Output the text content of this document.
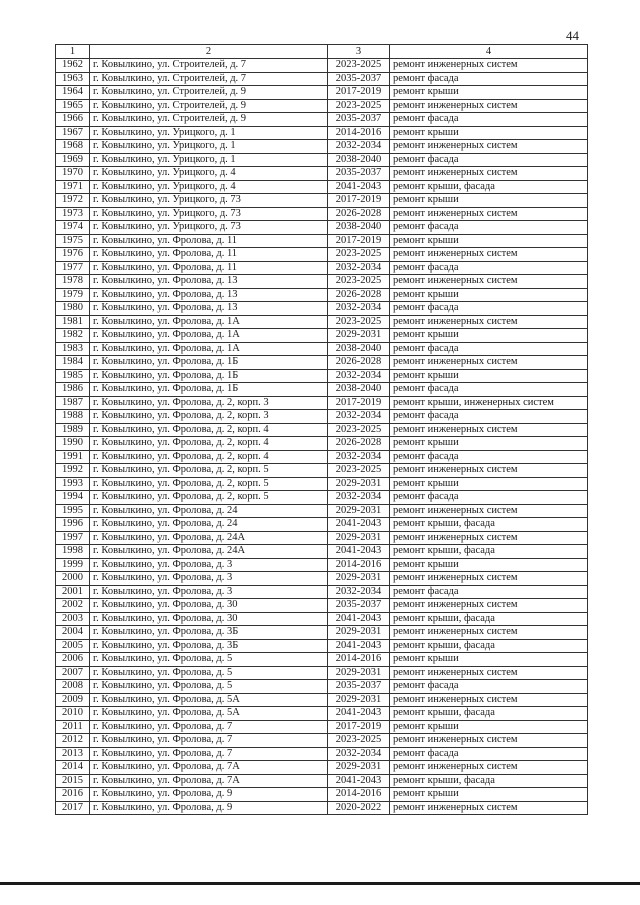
44
1	2	3	4
1962	г. Ковылкино, ул. Строителей, д. 7	2023-2025	ремонт инженерных систем
1963	г. Ковылкино, ул. Строителей, д. 7	2035-2037	ремонт фасада
1964	г. Ковылкино, ул. Строителей, д. 9	2017-2019	ремонт крыши
1965	г. Ковылкино, ул. Строителей, д. 9	2023-2025	ремонт инженерных систем
1966	г. Ковылкино, ул. Строителей, д. 9	2035-2037	ремонт фасада
1967	г. Ковылкино, ул. Урицкого, д. 1	2014-2016	ремонт крыши
1968	г. Ковылкино, ул. Урицкого, д. 1	2032-2034	ремонт инженерных систем
1969	г. Ковылкино, ул. Урицкого, д. 1	2038-2040	ремонт фасада
1970	г. Ковылкино, ул. Урицкого, д. 4	2035-2037	ремонт инженерных систем
1971	г. Ковылкино, ул. Урицкого, д. 4	2041-2043	ремонт крыши, фасада
1972	г. Ковылкино, ул. Урицкого, д. 73	2017-2019	ремонт крыши
1973	г. Ковылкино, ул. Урицкого, д. 73	2026-2028	ремонт инженерных систем
1974	г. Ковылкино, ул. Урицкого, д. 73	2038-2040	ремонт фасада
1975	г. Ковылкино, ул. Фролова, д. 11	2017-2019	ремонт крыши
1976	г. Ковылкино, ул. Фролова, д. 11	2023-2025	ремонт инженерных систем
1977	г. Ковылкино, ул. Фролова, д. 11	2032-2034	ремонт фасада
1978	г. Ковылкино, ул. Фролова, д. 13	2023-2025	ремонт инженерных систем
1979	г. Ковылкино, ул. Фролова, д. 13	2026-2028	ремонт крыши
1980	г. Ковылкино, ул. Фролова, д. 13	2032-2034	ремонт фасада
1981	г. Ковылкино, ул. Фролова, д. 1А	2023-2025	ремонт инженерных систем
1982	г. Ковылкино, ул. Фролова, д. 1А	2029-2031	ремонт крыши
1983	г. Ковылкино, ул. Фролова, д. 1А	2038-2040	ремонт фасада
1984	г. Ковылкино, ул. Фролова, д. 1Б	2026-2028	ремонт инженерных систем
1985	г. Ковылкино, ул. Фролова, д. 1Б	2032-2034	ремонт крыши
1986	г. Ковылкино, ул. Фролова, д. 1Б	2038-2040	ремонт фасада
1987	г. Ковылкино, ул. Фролова, д. 2, корп. 3	2017-2019	ремонт крыши, инженерных систем
1988	г. Ковылкино, ул. Фролова, д. 2, корп. 3	2032-2034	ремонт фасада
1989	г. Ковылкино, ул. Фролова, д. 2, корп. 4	2023-2025	ремонт инженерных систем
1990	г. Ковылкино, ул. Фролова, д. 2, корп. 4	2026-2028	ремонт крыши
1991	г. Ковылкино, ул. Фролова, д. 2, корп. 4	2032-2034	ремонт фасада
1992	г. Ковылкино, ул. Фролова, д. 2, корп. 5	2023-2025	ремонт инженерных систем
1993	г. Ковылкино, ул. Фролова, д. 2, корп. 5	2029-2031	ремонт крыши
1994	г. Ковылкино, ул. Фролова, д. 2, корп. 5	2032-2034	ремонт фасада
1995	г. Ковылкино, ул. Фролова, д. 24	2029-2031	ремонт инженерных систем
1996	г. Ковылкино, ул. Фролова, д. 24	2041-2043	ремонт крыши, фасада
1997	г. Ковылкино, ул. Фролова, д. 24А	2029-2031	ремонт инженерных систем
1998	г. Ковылкино, ул. Фролова, д. 24А	2041-2043	ремонт крыши, фасада
1999	г. Ковылкино, ул. Фролова, д. 3	2014-2016	ремонт крыши
2000	г. Ковылкино, ул. Фролова, д. 3	2029-2031	ремонт инженерных систем
2001	г. Ковылкино, ул. Фролова, д. 3	2032-2034	ремонт фасада
2002	г. Ковылкино, ул. Фролова, д. 30	2035-2037	ремонт инженерных систем
2003	г. Ковылкино, ул. Фролова, д. 30	2041-2043	ремонт крыши, фасада
2004	г. Ковылкино, ул. Фролова, д. 3Б	2029-2031	ремонт инженерных систем
2005	г. Ковылкино, ул. Фролова, д. 3Б	2041-2043	ремонт крыши, фасада
2006	г. Ковылкино, ул. Фролова, д. 5	2014-2016	ремонт крыши
2007	г. Ковылкино, ул. Фролова, д. 5	2029-2031	ремонт инженерных систем
2008	г. Ковылкино, ул. Фролова, д. 5	2035-2037	ремонт фасада
2009	г. Ковылкино, ул. Фролова, д. 5А	2029-2031	ремонт инженерных систем
2010	г. Ковылкино, ул. Фролова, д. 5А	2041-2043	ремонт крыши, фасада
2011	г. Ковылкино, ул. Фролова, д. 7	2017-2019	ремонт крыши
2012	г. Ковылкино, ул. Фролова, д. 7	2023-2025	ремонт инженерных систем
2013	г. Ковылкино, ул. Фролова, д. 7	2032-2034	ремонт фасада
2014	г. Ковылкино, ул. Фролова, д. 7А	2029-2031	ремонт инженерных систем
2015	г. Ковылкино, ул. Фролова, д. 7А	2041-2043	ремонт крыши, фасада
2016	г. Ковылкино, ул. Фролова, д. 9	2014-2016	ремонт крыши
2017	г. Ковылкино, ул. Фролова, д. 9	2020-2022	ремонт инженерных систем
